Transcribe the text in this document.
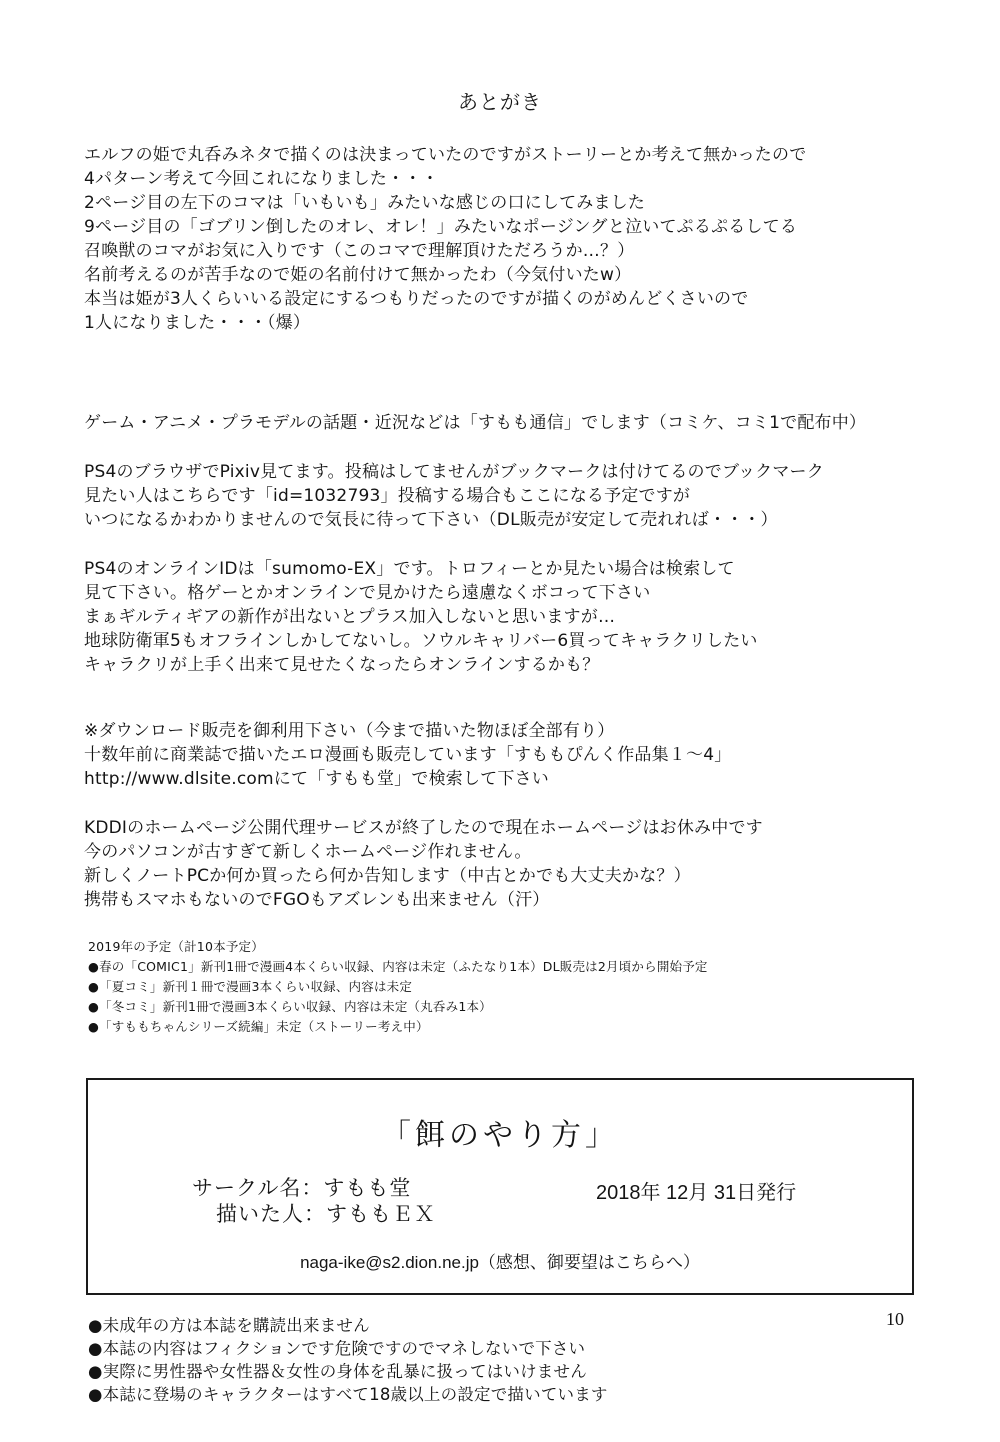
あとがき
エルフの姫で丸呑みネタで描くのは決まっていたのですがストーリーとか考えて無かったので
4パターン考えて今回これになりました・・・
2ページ目の左下のコマは「いもいも」みたいな感じの口にしてみました
9ページ目の「ゴブリン倒したのオレ、オレ！」みたいなポージングと泣いてぷるぷるしてる
召喚獣のコマがお気に入りです（このコマで理解頂けただろうか…？）
名前考えるのが苦手なので姫の名前付けて無かったわ（今気付いたw）
本当は姫が3人くらいいる設定にするつもりだったのですが描くのがめんどくさいので
1人になりました・・・（爆）
ゲーム・アニメ・プラモデルの話題・近況などは「すもも通信」でします（コミケ、コミ1で配布中）
PS4のブラウザでPixiv見てます。投稿はしてませんがブックマークは付けてるのでブックマーク
見たい人はこちらです「id=1032793」投稿する場合もここになる予定ですが
いつになるかわかりませんので気長に待って下さい（DL販売が安定して売れれば・・・）
PS4のオンラインIDは「sumomo-EX」です。トロフィーとか見たい場合は検索して
見て下さい。格ゲーとかオンラインで見かけたら遠慮なくボコって下さい
まぁギルティギアの新作が出ないとプラス加入しないと思いますが…
地球防衛軍5もオフラインしかしてないし。ソウルキャリバー6買ってキャラクリしたい
キャラクリが上手く出来て見せたくなったらオンラインするかも？
※ダウンロード販売を御利用下さい（今まで描いた物ほぼ全部有り）
十数年前に商業誌で描いたエロ漫画も販売しています「すももぴんく作品集１～4」
http://www.dlsite.comにて「すもも堂」で検索して下さい
KDDIのホームページ公開代理サービスが終了したので現在ホームページはお休み中です
今のパソコンが古すぎて新しくホームページ作れません。
新しくノートPCか何か買ったら何か告知します（中古とかでも大丈夫かな？）
携帯もスマホもないのでFGOもアズレンも出来ません（汗）
2019年の予定（計10本予定）
●春の「COMIC1」新刊1冊で漫画4本くらい収録、内容は未定（ふたなり1本）DL販売は2月頃から開始予定
●「夏コミ」新刊１冊で漫画3本くらい収録、内容は未定
●「冬コミ」新刊1冊で漫画3本くらい収録、内容は未定（丸呑み1本）
●「すももちゃんシリーズ続編」未定（ストーリー考え中）
「餌のやり方」
サークル名：すもも堂
描いた人：すももＥＸ
2018年 12月 31日発行
naga-ike@s2.dion.ne.jp（感想、御要望はこちらへ）
10
●未成年の方は本誌を購読出来ません
●本誌の内容はフィクションです危険ですのでマネしないで下さい
●実際に男性器や女性器＆女性の身体を乱暴に扱ってはいけません
●本誌に登場のキャラクターはすべて18歳以上の設定で描いています
